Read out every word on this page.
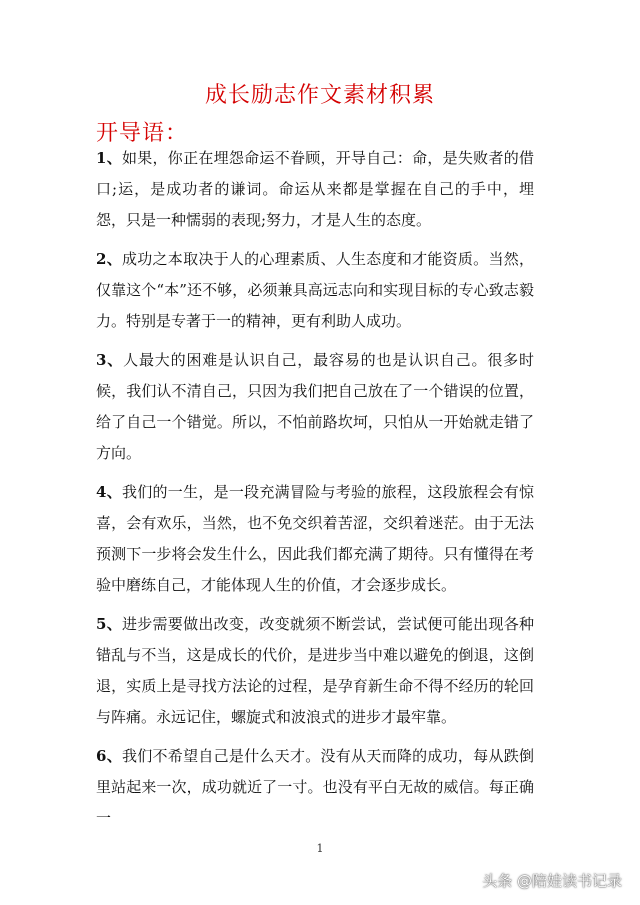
成长励志作文素材积累
开导语：

1、如果，你正在埋怨命运不眷顾，开导自己：命，是失败者的借口;运，是成功者的谦词。命运从来都是掌握在自己的手中，埋怨，只是一种懦弱的表现;努力，才是人生的态度。

2、成功之本取决于人的心理素质、人生态度和才能资质。当然，仅靠这个“本”还不够，必须兼具高远志向和实现目标的专心致志毅力。特别是专著于一的精神，更有利助人成功。

3、人最大的困难是认识自己，最容易的也是认识自己。很多时候，我们认不清自己，只因为我们把自己放在了一个错误的位置，给了自己一个错觉。所以，不怕前路坎坷，只怕从一开始就走错了方向。

4、我们的一生，是一段充满冒险与考验的旅程，这段旅程会有惊喜，会有欢乐，当然，也不免交织着苦涩，交织着迷茫。由于无法预测下一步将会发生什么，因此我们都充满了期待。只有懂得在考验中磨练自己，才能体现人生的价值，才会逐步成长。

5、进步需要做出改变，改变就须不断尝试，尝试便可能出现各种错乱与不当，这是成长的代价，是进步当中难以避免的倒退，这倒退，实质上是寻找方法论的过程，是孕育新生命不得不经历的轮回与阵痛。永远记住，螺旋式和波浪式的进步才最牢靠。

6、我们不希望自己是什么天才。没有从天而降的成功，每从跌倒里站起来一次，成功就近了一寸。也没有平白无故的威信。每正确一

1
头条 @陪娃读书记录
